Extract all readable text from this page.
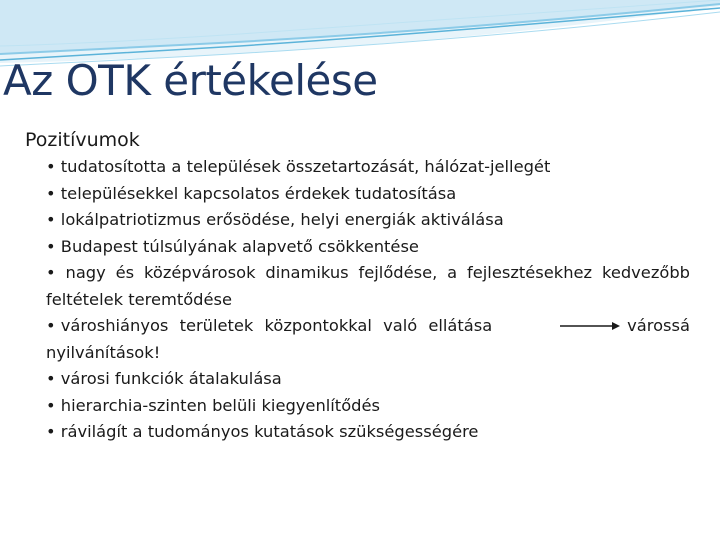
Az OTK értékelése
Pozitívumok

• tudatosította a települések összetartozását, hálózat-jellegét

• településekkel kapcsolatos érdekek tudatosítása

• lokálpatriotizmus erősödése, helyi energiák aktiválása

• Budapest túlsúlyának alapvető csökkentése

• nagy és középvárosok dinamikus fejlődése, a fejlesztésekhez kedvezőbb feltételek teremtődése

• városhiányos területek központokkal való ellátása	várossá
nyilvánítások!

• városi funkciók átalakulása

• hierarchia-szinten belüli kiegyenlítődés

• rávilágít a tudományos kutatások szükségességére
